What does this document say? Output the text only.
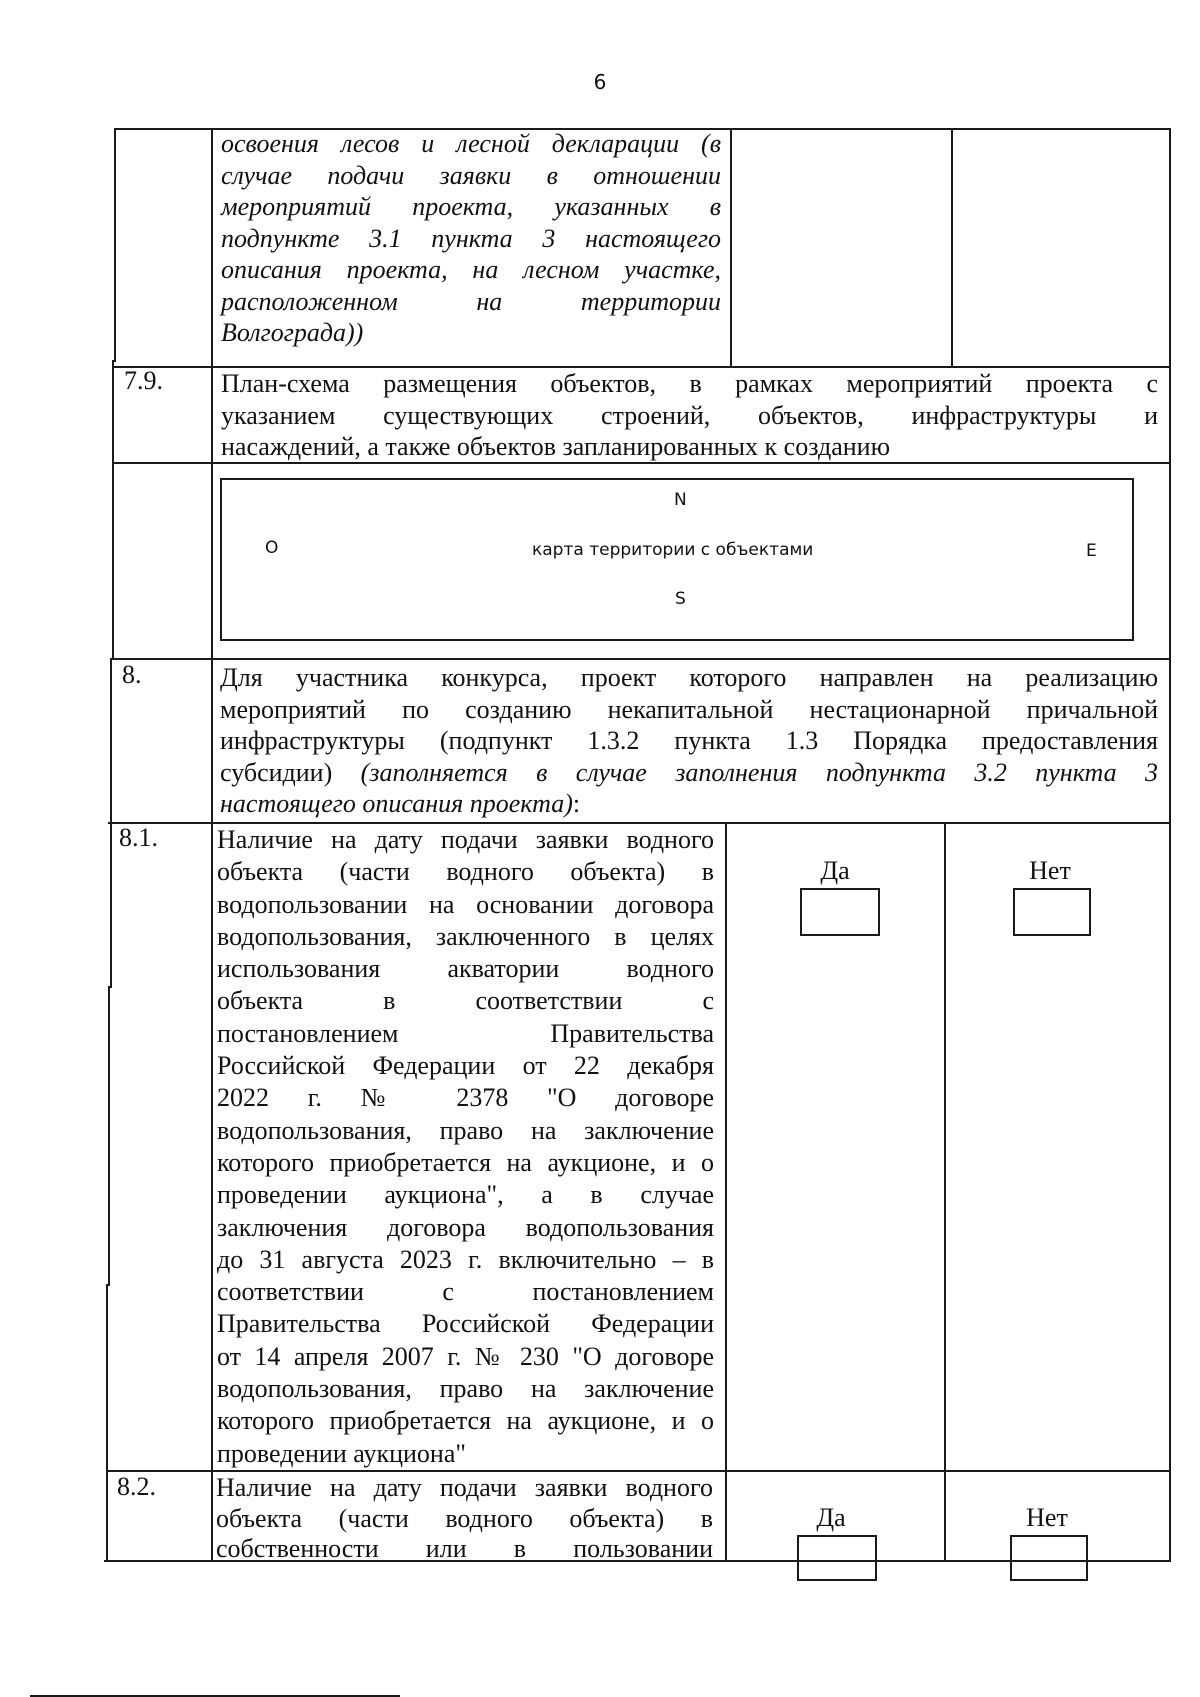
6
освоения лесов и лесной декларации (в
случае подачи заявки в отношении
мероприятий проекта, указанных в
подпункте 3.1 пункта 3 настоящего
описания проекта, на лесном участке,
расположенном на территории
Волгограда))
7.9. План-схема размещения объектов, в рамках мероприятий проекта с
указанием существующих строений, объектов, инфраструктуры и
насаждений, а также объектов запланированных к созданию
N
O	карта территории с объектами	E
S
8.	Для участника конкурса, проект которого направлен на реализацию
мероприятий по созданию некапитальной нестационарной причальной
инфраструктуры (подпункт 1.3.2 пункта 1.3 Порядка предоставления
субсидии) (заполняется в случае заполнения подпункта 3.2 пункта 3
настоящего описания проекта):
8.1. Наличие на дату подачи заявки водного
объекта (части водного объекта) в
водопользовании на основании договора
водопользования, заключенного в целях
использования акватории водного
объекта в соответствии с
постановлением Правительства
Российской Федерации от 22 декабря
2022 г. № 2378 "О договоре
водопользования, право на заключение
которого приобретается на аукционе, и о
проведении аукциона", а в случае
заключения договора водопользования
до 31 августа 2023 г. включительно – в
соответствии с постановлением
Правительства Российской Федерации
от 14 апреля 2007 г. № 230 "О договоре
водопользования, право на заключение
которого приобретается на аукционе, и о
проведении аукциона"
Да	Нет
8.2. Наличие на дату подачи заявки водного
объекта (части водного объекта) в
собственности или в пользовании
Да	Нет
